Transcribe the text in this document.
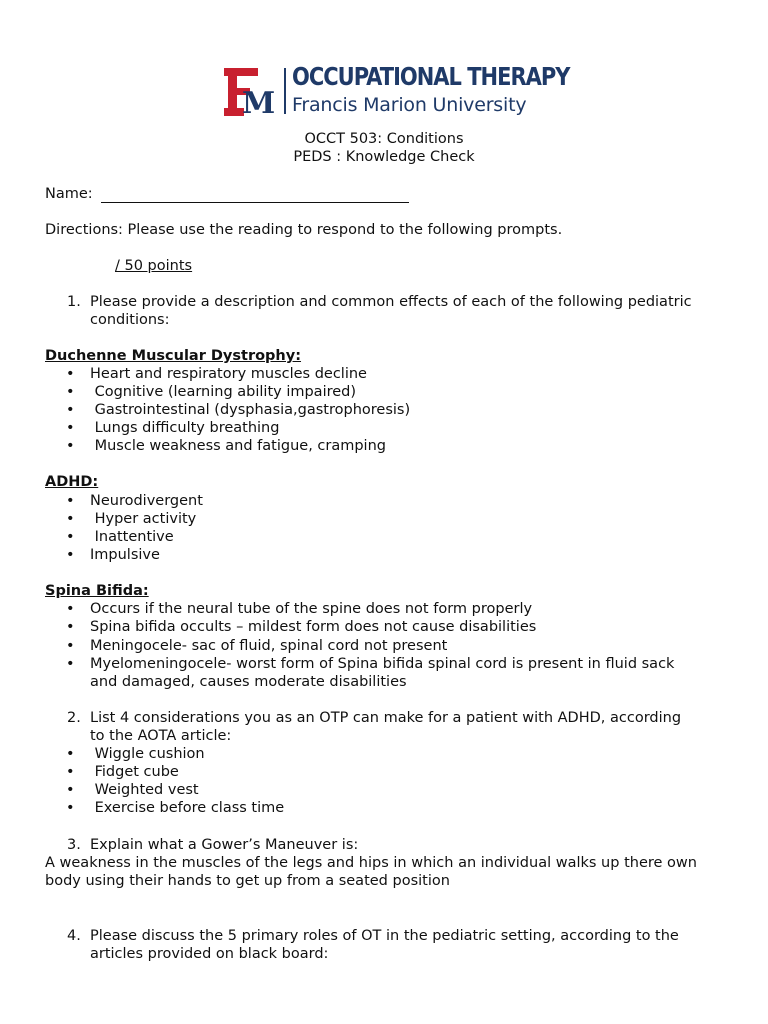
M
OCCUPATIONAL THERAPY
Francis Marion University
OCCT 503: Conditions
PEDS : Knowledge Check
Name:
Directions: Please use the reading to respond to the following prompts.
/ 50 points
1. Please provide a description and common effects of each of the following pediatric
conditions:
Duchenne Muscular Dystrophy:
• Heart and respiratory muscles decline
• Cognitive (learning ability impaired)
• Gastrointestinal (dysphasia,gastrophoresis)
• Lungs difficulty breathing
• Muscle weakness and fatigue, cramping
ADHD:
• Neurodivergent
• Hyper activity
• Inattentive
• Impulsive
Spina Bifida:
• Occurs if the neural tube of the spine does not form properly
• Spina bifida occults – mildest form does not cause disabilities
• Meningocele- sac of fluid, spinal cord not present
• Myelomeningocele- worst form of Spina bifida spinal cord is present in fluid sack
and damaged, causes moderate disabilities
2. List 4 considerations you as an OTP can make for a patient with ADHD, according
to the AOTA article:
• Wiggle cushion
• Fidget cube
• Weighted vest
• Exercise before class time
3. Explain what a Gower’s Maneuver is:
A weakness in the muscles of the legs and hips in which an individual walks up there own
body using their hands to get up from a seated position
4. Please discuss the 5 primary roles of OT in the pediatric setting, according to the
articles provided on black board:
